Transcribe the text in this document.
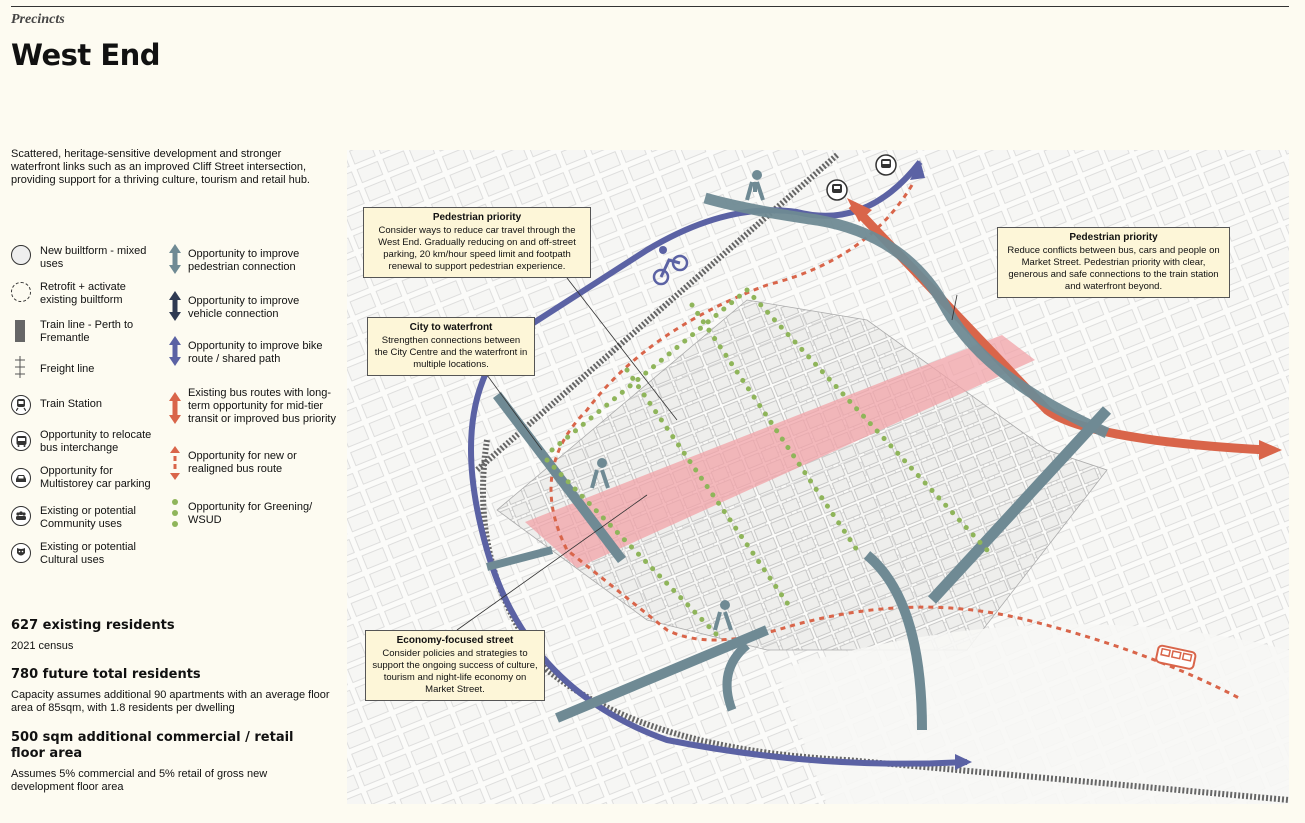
Precincts
West End
Scattered, heritage-sensitive development and stronger waterfront links such as an improved Cliff Street intersection, providing support for a thriving culture, tourism and retail hub.
New builtform - mixed uses
Retrofit + activate existing builtform
Train line - Perth to Fremantle
Freight line
Train Station
Opportunity to relocate bus interchange
Opportunity for Multistorey car parking
Existing or potential Community uses
Existing or potential Cultural uses
Opportunity to improve pedestrian connection
Opportunity to improve vehicle connection
Opportunity to improve bike route / shared path
Existing bus routes with long-term opportunity for mid-tier transit or improved bus priority
Opportunity for new or realigned bus route
Opportunity for Greening/ WSUD
627 existing residents
2021 census
780 future total residents
Capacity assumes additional 90 apartments with an average floor area of 85sqm, with 1.8 residents per dwelling
500 sqm additional commercial / retail floor area
Assumes 5% commercial and 5% retail of gross new development floor area
Pedestrian priority
Consider ways to reduce car travel through the West End. Gradually reducing on and off-street parking, 20 km/hour speed limit and footpath renewal to support pedestrian experience.
Pedestrian priority
Reduce conflicts between bus, cars and people on Market Street. Pedestrian priority with clear, generous and safe connections to the train station and waterfront beyond.
City to waterfront
Strengthen connections between the City Centre and the waterfront in multiple locations.
Economy-focused street
Consider policies and strategies to support the ongoing success of culture, tourism and night-life economy on Market Street.
